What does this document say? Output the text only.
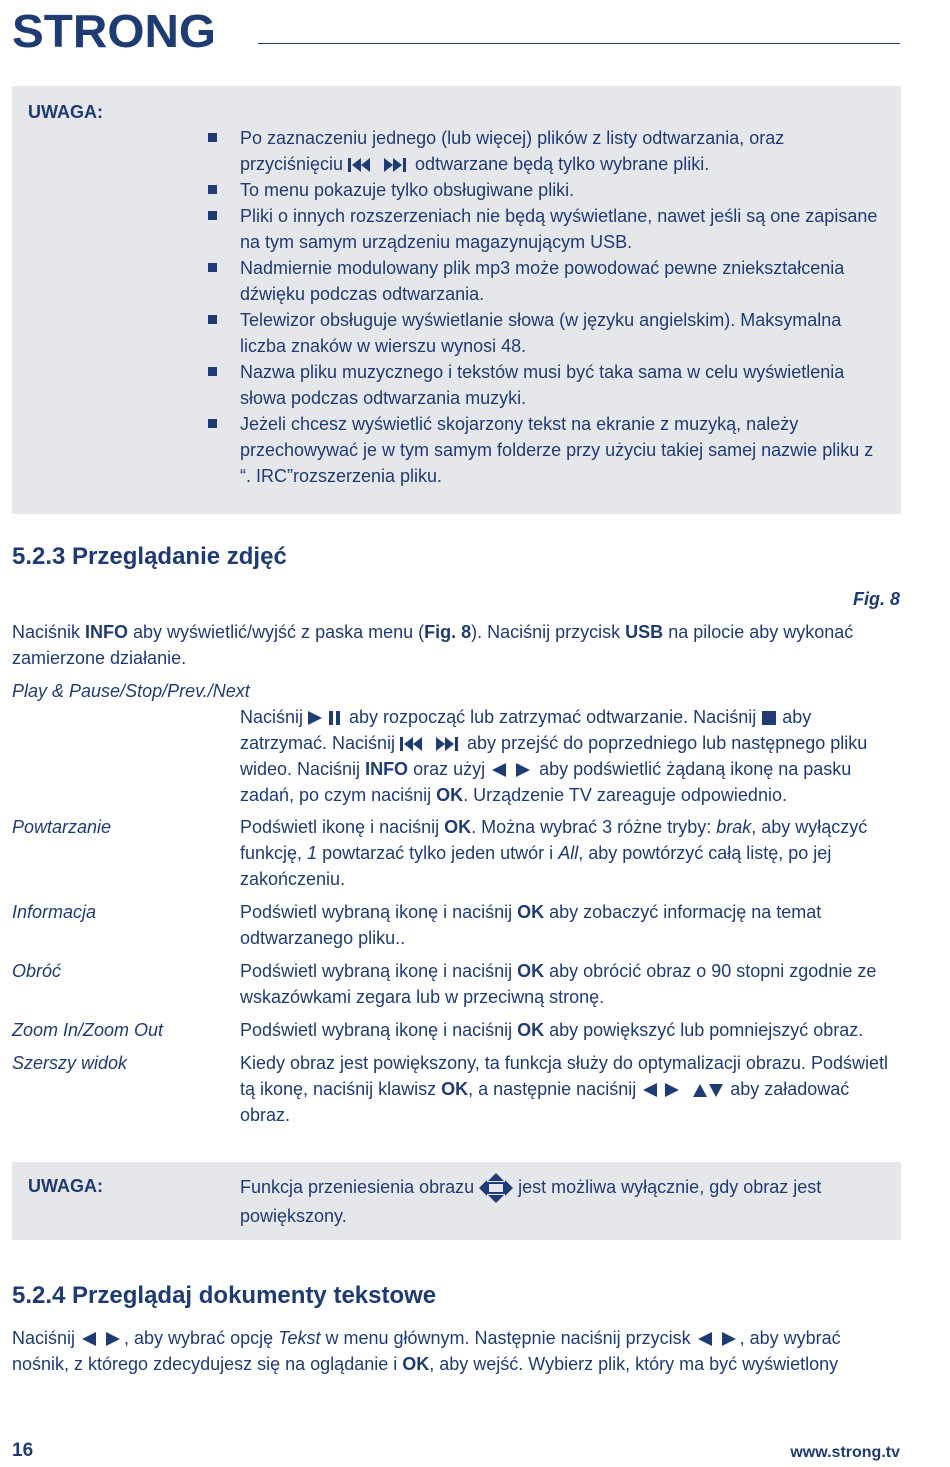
STRONG
UWAGA:
Po zaznaczeniu jednego (lub więcej) plików z listy odtwarzania, oraz przyciśnięciu	odtwarzane będą tylko wybrane pliki.
To menu pokazuje tylko obsługiwane pliki.
Pliki o innych rozszerzeniach nie będą wyświetlane, nawet jeśli są one zapisane na tym samym urządzeniu magazynującym USB.
Nadmiernie modulowany plik mp3 może powodować pewne zniekształcenia dźwięku podczas odtwarzania.
Telewizor obsługuje wyświetlanie słowa (w języku angielskim). Maksymalna liczba znaków w wierszu wynosi 48.
Nazwa pliku muzycznego i tekstów musi być taka sama w celu wyświetlenia słowa podczas odtwarzania muzyki.
Jeżeli chcesz wyświetlić skojarzony tekst na ekranie z muzyką, należy przechowywać je w tym samym folderze przy użyciu takiej samej nazwie pliku z “. IRC”rozszerzenia pliku.
5.2.3 Przeglądanie zdjęć
Fig. 8

Naciśnik INFO aby wyświetlić/wyjść z paska menu (Fig. 8). Naciśnij przycisk USB na pilocie aby wykonać zamierzone działanie.

Play & Pause/Stop/Prev./Next
Naciśnij  aby rozpocząć lub zatrzymać odtwarzanie. Naciśnij  aby zatrzymać. Naciśnij	aby przejść do poprzedniego lub następnego pliku wideo. Naciśnij INFO oraz użyj  aby podświetlić żądaną ikonę na pasku zadań, po czym naciśnij OK. Urządzenie TV zareaguje odpowiednio.
Powtarzanie	Podświetl ikonę i naciśnij OK. Można wybrać 3 różne tryby: brak, aby wyłączyć funkcję, 1 powtarzać tylko jeden utwór i All, aby powtórzyć całą listę, po jej zakończeniu.
Informacja	Podświetl wybraną ikonę i naciśnij OK aby zobaczyć informację na temat odtwarzanego pliku..
Obróć	Podświetl wybraną ikonę i naciśnij OK aby obrócić obraz o 90 stopni zgodnie ze wskazówkami zegara lub w przeciwną stronę.
Zoom In/Zoom Out	Podświetl wybraną ikonę i naciśnij OK aby powiększyć lub pomniejszyć obraz.
Szerszy widok	Kiedy obraz jest powiększony, ta funkcja służy do optymalizacji obrazu. Podświetl tą ikonę, naciśnij klawisz OK, a następnie naciśnij	aby załadować obraz.
UWAGA:	Funkcja przeniesienia obrazu  jest możliwa wyłącznie, gdy obraz jest powiększony.
5.2.4 Przeglądaj dokumenty tekstowe

Naciśnij , aby wybrać opcję Tekst w menu głównym. Następnie naciśnij przycisk , aby wybrać nośnik, z którego zdecydujesz się na oglądanie i OK, aby wejść. Wybierz plik, który ma być wyświetlony

16	www.strong.tv
